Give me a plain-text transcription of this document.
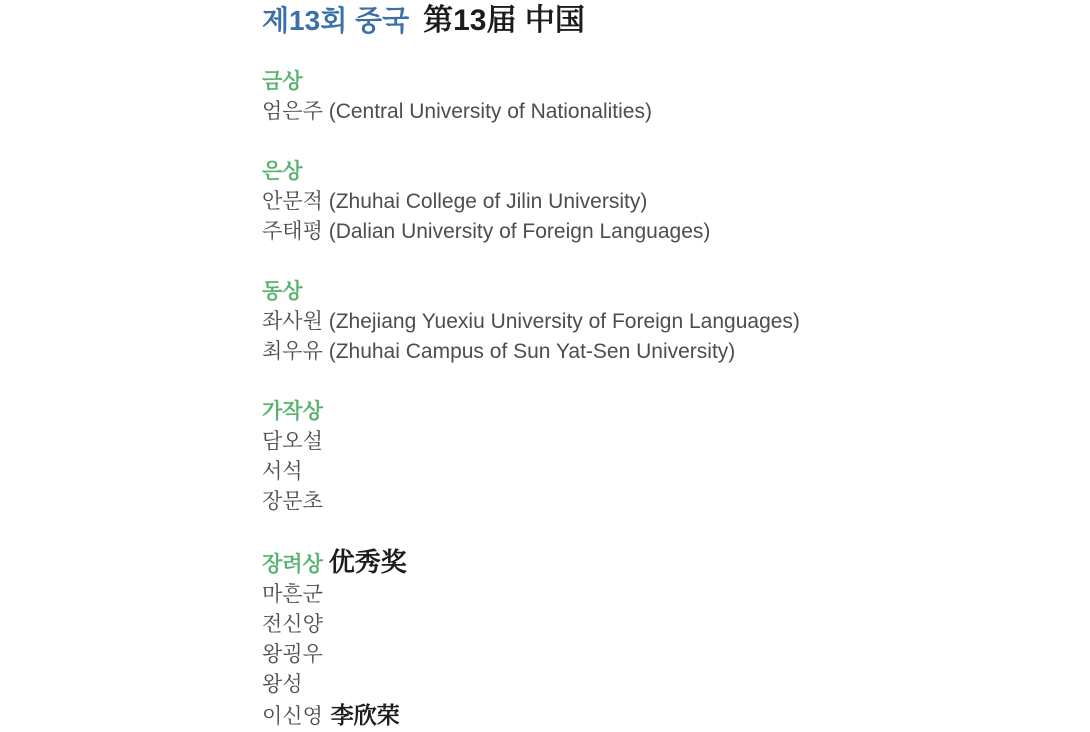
제13회 중국 第13届 中国
금상

엄은주 (Central University of Nationalities)

은상

안문적 (Zhuhai College of Jilin University)

주태평 (Dalian University of Foreign Languages)

동상

좌사원 (Zhejiang Yuexiu University of Foreign Languages)

최우유 (Zhuhai Campus of Sun Yat-Sen University)

가작상

담오설

서석

장문초

장려상 优秀奖

마흔군

전신양

왕굉우

왕성

이신영 李欣荣
